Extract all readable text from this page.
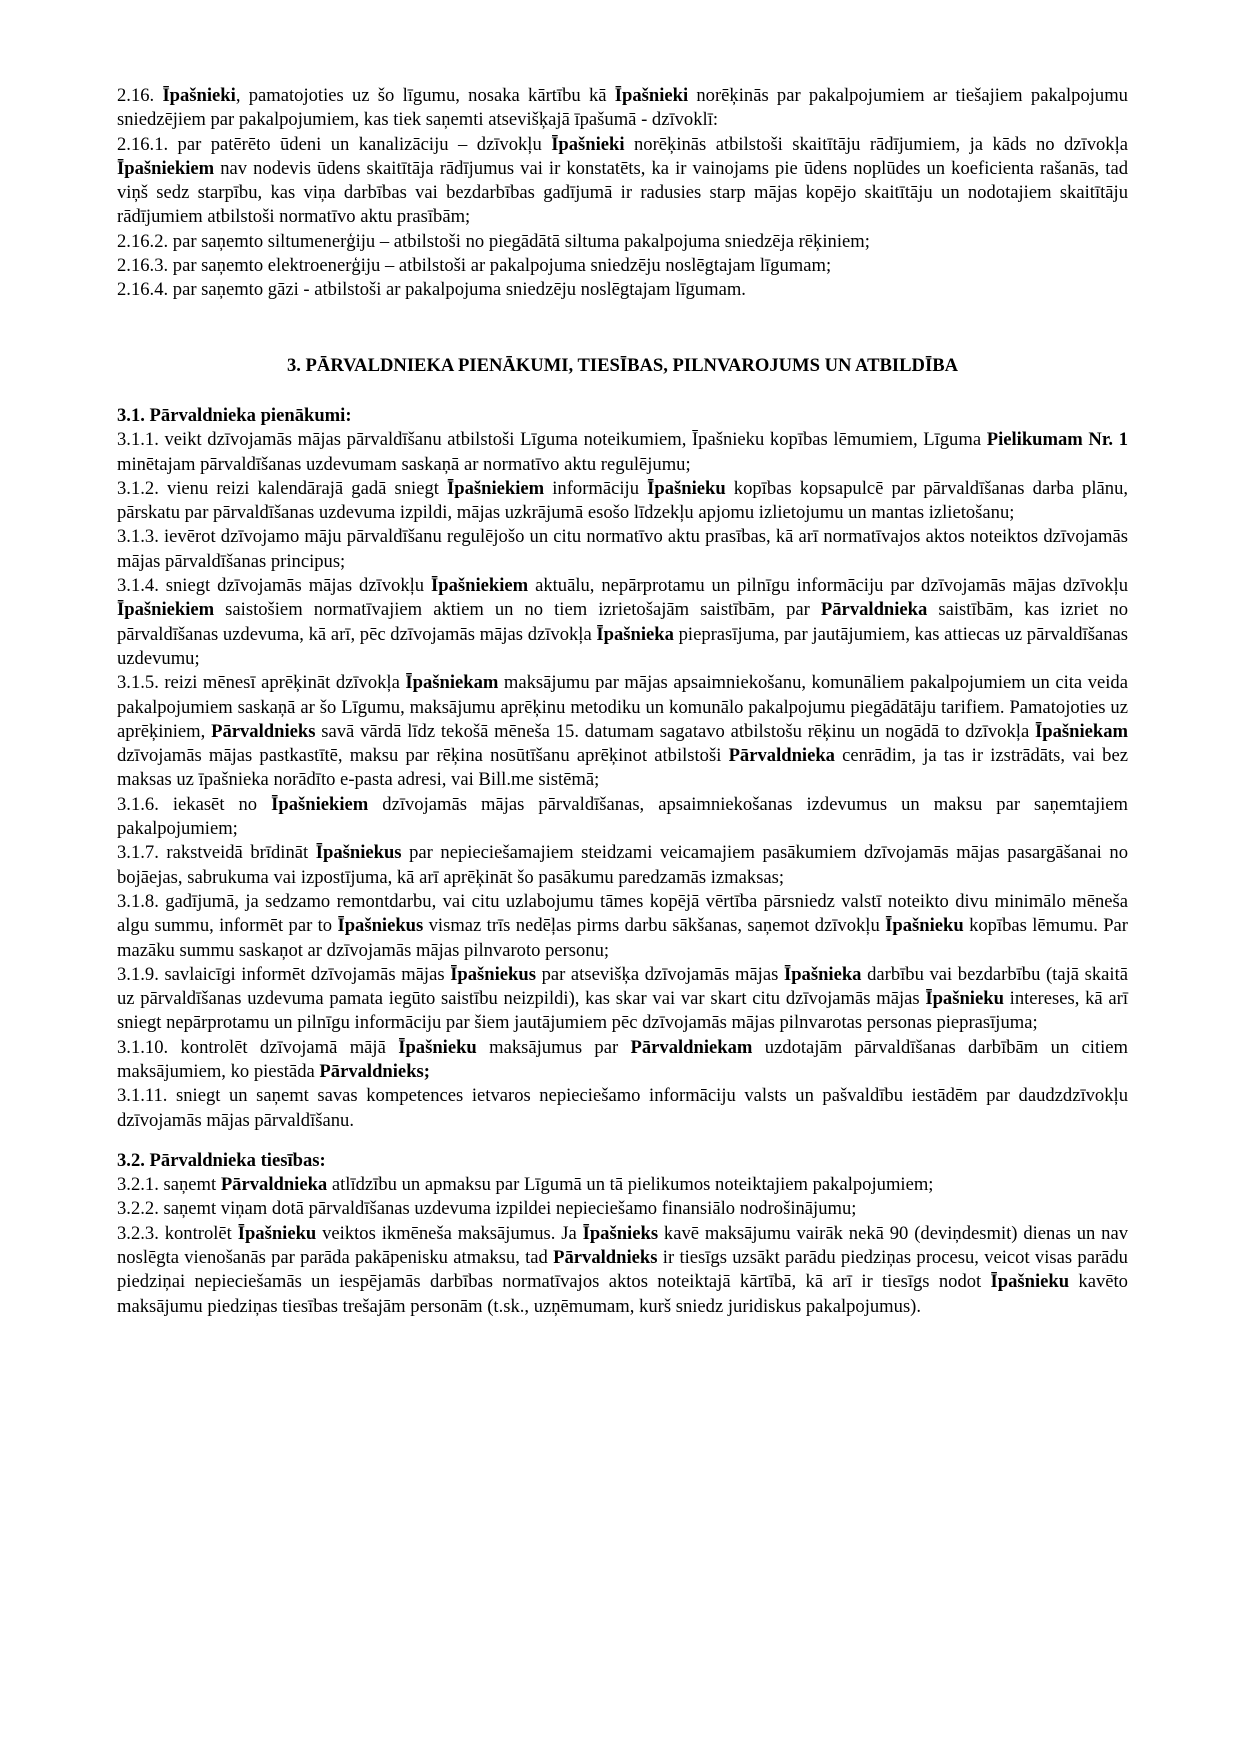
2.16. Īpašnieki, pamatojoties uz šo līgumu, nosaka kārtību kā Īpašnieki norēķinās par pakalpojumiem ar tiešajiem pakalpojumu sniedzējiem par pakalpojumiem, kas tiek saņemti atsevišķajā īpašumā - dzīvoklī:

2.16.1. par patērēto ūdeni un kanalizāciju – dzīvokļu Īpašnieki norēķinās atbilstoši skaitītāju rādījumiem, ja kāds no dzīvokļa Īpašniekiem nav nodevis ūdens skaitītāja rādījumus vai ir konstatēts, ka ir vainojams pie ūdens noplūdes un koeficienta rašanās, tad viņš sedz starpību, kas viņa darbības vai bezdarbības gadījumā ir radusies starp mājas kopējo skaitītāju un nodotajiem skaitītāju rādījumiem atbilstoši normatīvo aktu prasībām;

2.16.2. par saņemto siltumenerģiju – atbilstoši no piegādātā siltuma pakalpojuma sniedzēja rēķiniem;

2.16.3. par saņemto elektroenerģiju – atbilstoši ar pakalpojuma sniedzēju noslēgtajam līgumam;

2.16.4. par saņemto gāzi - atbilstoši ar pakalpojuma sniedzēju noslēgtajam līgumam.

3. PĀRVALDNIEKA PIENĀKUMI, TIESĪBAS, PILNVAROJUMS UN ATBILDĪBA

3.1. Pārvaldnieka pienākumi:

3.1.1. veikt dzīvojamās mājas pārvaldīšanu atbilstoši Līguma noteikumiem, Īpašnieku kopības lēmumiem, Līguma Pielikumam Nr. 1 minētajam pārvaldīšanas uzdevumam saskaņā ar normatīvo aktu regulējumu;

3.1.2. vienu reizi kalendārajā gadā sniegt Īpašniekiem informāciju Īpašnieku kopības kopsapulcē par pārvaldīšanas darba plānu, pārskatu par pārvaldīšanas uzdevuma izpildi, mājas uzkrājumā esošo līdzekļu apjomu izlietojumu un mantas izlietošanu;

3.1.3. ievērot dzīvojamo māju pārvaldīšanu regulējošo un citu normatīvo aktu prasības, kā arī normatīvajos aktos noteiktos dzīvojamās mājas pārvaldīšanas principus;

3.1.4. sniegt dzīvojamās mājas dzīvokļu Īpašniekiem aktuālu, nepārprotamu un pilnīgu informāciju par dzīvojamās mājas dzīvokļu Īpašniekiem saistošiem normatīvajiem aktiem un no tiem izrietošajām saistībām, par Pārvaldnieka saistībām, kas izriet no pārvaldīšanas uzdevuma, kā arī, pēc dzīvojamās mājas dzīvokļa Īpašnieka pieprasījuma, par jautājumiem, kas attiecas uz pārvaldīšanas uzdevumu;

3.1.5. reizi mēnesī aprēķināt dzīvokļa Īpašniekam maksājumu par mājas apsaimniekošanu, komunāliem pakalpojumiem un cita veida pakalpojumiem saskaņā ar šo Līgumu, maksājumu aprēķinu metodiku un komunālo pakalpojumu piegādātāju tarifiem. Pamatojoties uz aprēķiniem, Pārvaldnieks savā vārdā līdz tekošā mēneša 15. datumam sagatavo atbilstošu rēķinu un nogādā to dzīvokļa Īpašniekam dzīvojamās mājas pastkastītē, maksu par rēķina nosūtīšanu aprēķinot atbilstoši Pārvaldnieka cenrādim, ja tas ir izstrādāts, vai bez maksas uz īpašnieka norādīto e-pasta adresi, vai Bill.me sistēmā;

3.1.6. iekasēt no Īpašniekiem dzīvojamās mājas pārvaldīšanas, apsaimniekošanas izdevumus un maksu par saņemtajiem pakalpojumiem;

3.1.7. rakstveidā brīdināt Īpašniekus par nepieciešamajiem steidzami veicamajiem pasākumiem dzīvojamās mājas pasargāšanai no bojāejas, sabrukuma vai izpostījuma, kā arī aprēķināt šo pasākumu paredzamās izmaksas;

3.1.8. gadījumā, ja sedzamo remontdarbu, vai citu uzlabojumu tāmes kopējā vērtība pārsniedz valstī noteikto divu minimālo mēneša algu summu, informēt par to Īpašniekus vismaz trīs nedēļas pirms darbu sākšanas, saņemot dzīvokļu Īpašnieku kopības lēmumu. Par mazāku summu saskaņot ar dzīvojamās mājas pilnvaroto personu;

3.1.9. savlaicīgi informēt dzīvojamās mājas Īpašniekus par atsevišķa dzīvojamās mājas Īpašnieka darbību vai bezdarbību (tajā skaitā uz pārvaldīšanas uzdevuma pamata iegūto saistību neizpildi), kas skar vai var skart citu dzīvojamās mājas Īpašnieku intereses, kā arī sniegt nepārprotamu un pilnīgu informāciju par šiem jautājumiem pēc dzīvojamās mājas pilnvarotas personas pieprasījuma;

3.1.10. kontrolēt dzīvojamā mājā Īpašnieku maksājumus par Pārvaldniekam uzdotajām pārvaldīšanas darbībām un citiem maksājumiem, ko piestāda Pārvaldnieks;

3.1.11. sniegt un saņemt savas kompetences ietvaros nepieciešamo informāciju valsts un pašvaldību iestādēm par daudzdzīvokļu dzīvojamās mājas pārvaldīšanu.

3.2. Pārvaldnieka tiesības:

3.2.1. saņemt Pārvaldnieka atlīdzību un apmaksu par Līgumā un tā pielikumos noteiktajiem pakalpojumiem;

3.2.2. saņemt viņam dotā pārvaldīšanas uzdevuma izpildei nepieciešamo finansiālo nodrošinājumu;

3.2.3. kontrolēt Īpašnieku veiktos ikmēneša maksājumus. Ja Īpašnieks kavē maksājumu vairāk nekā 90 (deviņdesmit) dienas un nav noslēgta vienošanās par parāda pakāpenisku atmaksu, tad Pārvaldnieks ir tiesīgs uzsākt parādu piedziņas procesu, veicot visas parādu piedziņai nepieciešamās un iespējamās darbības normatīvajos aktos noteiktajā kārtībā, kā arī ir tiesīgs nodot Īpašnieku kavēto maksājumu piedziņas tiesības trešajām personām (t.sk., uzņēmumam, kurš sniedz juridiskus pakalpojumus).
